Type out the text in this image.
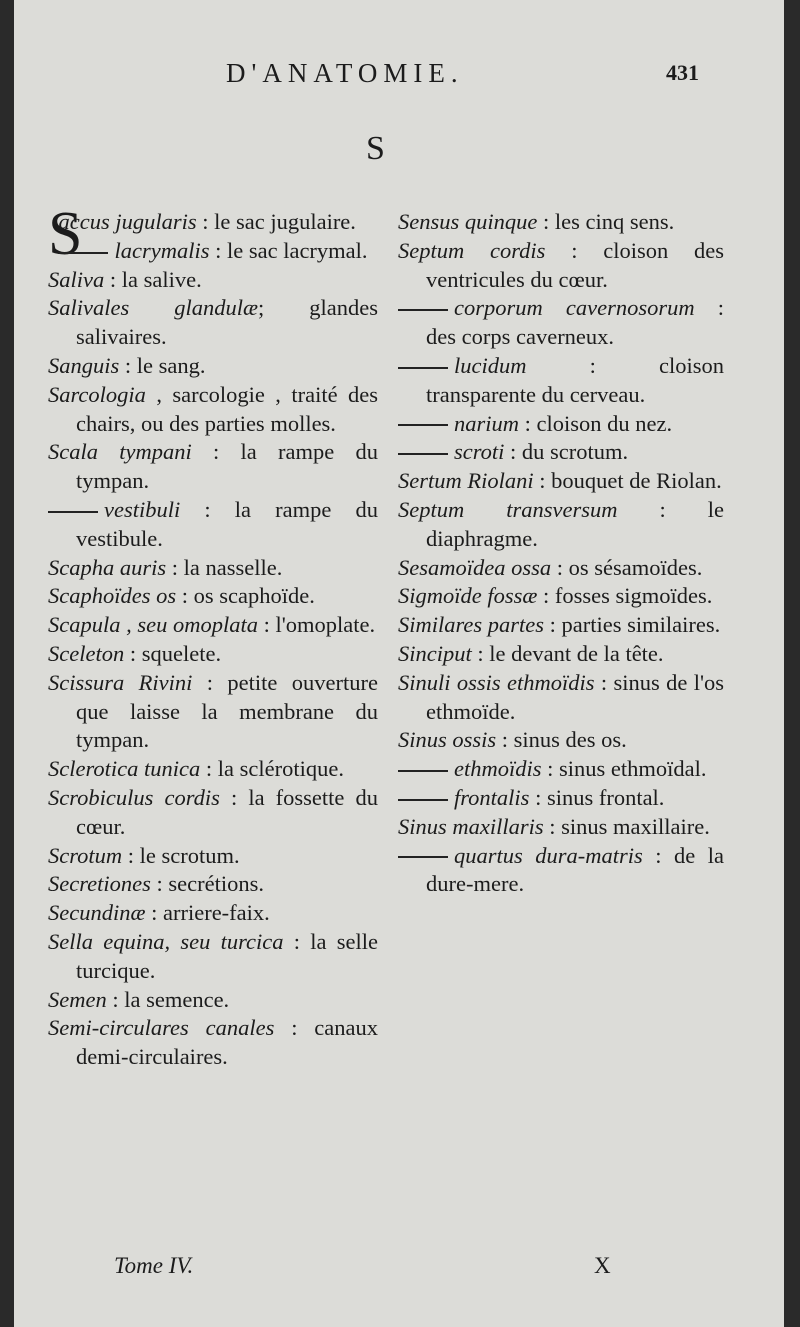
D'ANATOMIE.	431
S
S
accus jugularis : le sac jugulaire.
lacrymalis : le sac lacrymal.
Saliva : la salive.
Salivales glandulæ; glandes salivaires.
Sanguis : le sang.
Sarcologia , sarcologie , traité des chairs, ou des parties molles.
Scala tympani : la rampe du tympan.
vestibuli : la rampe du vestibule.
Scapha auris : la nasselle.
Scaphoïdes os : os scaphoïde.
Scapula , seu omoplata : l'omoplate.
Sceleton : squelete.
Scissura Rivini : petite ouverture que laisse la membrane du tympan.
Sclerotica tunica : la sclérotique.
Scrobiculus cordis : la fossette du cœur.
Scrotum : le scrotum.
Secretiones : secrétions.
Secundinæ : arriere-faix.
Sella equina, seu turcica : la selle turcique.
Semen : la semence.
Semi-circulares canales : canaux demi-circulaires.
Sensus quinque : les cinq sens.
Septum cordis : cloison des ventricules du cœur.
corporum cavernosorum : des corps caverneux.
lucidum : cloison transparente du cerveau.
narium : cloison du nez.
scroti : du scrotum.
Sertum Riolani : bouquet de Riolan.
Septum transversum : le diaphragme.
Sesamoïdea ossa : os sésamoïdes.
Sigmoïde fossæ : fosses sigmoïdes.
Similares partes : parties similaires.
Sinciput : le devant de la tête.
Sinuli ossis ethmoïdis : sinus de l'os ethmoïde.
Sinus ossis : sinus des os.
ethmoïdis : sinus ethmoïdal.
frontalis : sinus frontal.
Sinus maxillaris : sinus maxillaire.
quartus dura-matris : de la dure-mere.
Tome IV.	X
